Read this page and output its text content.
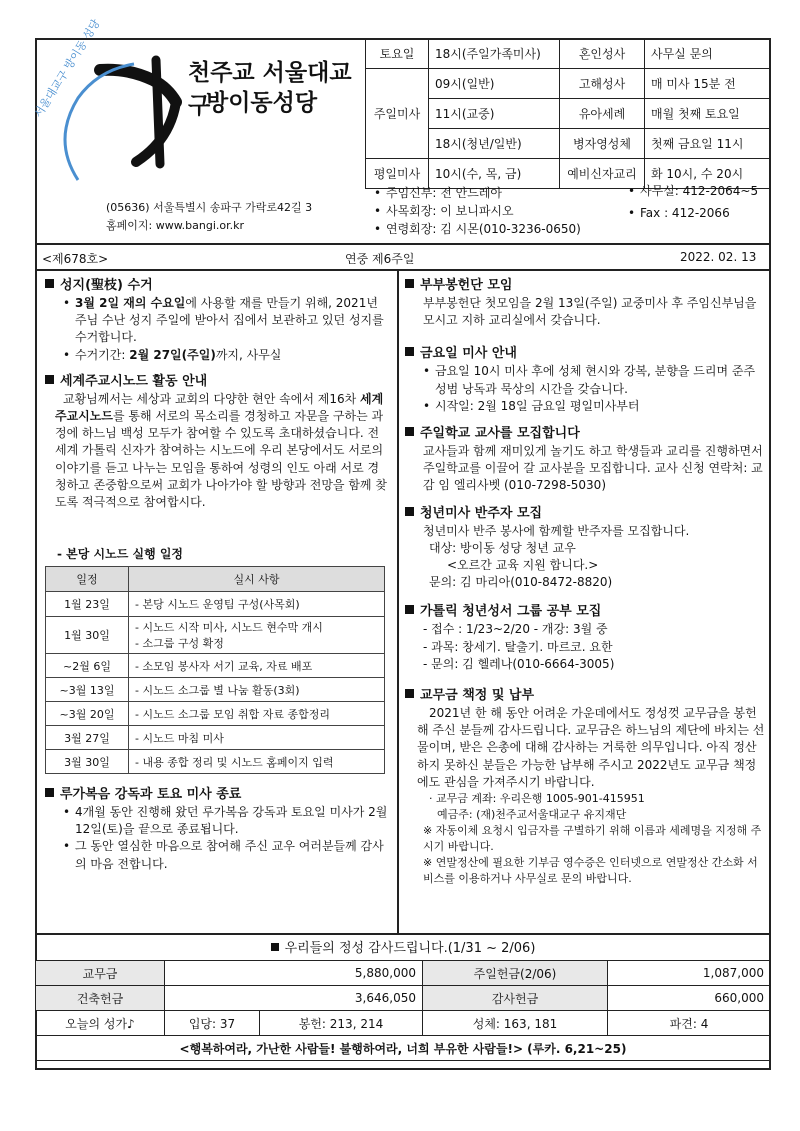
천주교 서울대교구
방이동성당
서울대교구 방이동 성당
(05636) 서울특별시 송파구 가락로42길 3
홈페이지: www.bangi.or.kr
토요일	18시(주일가족미사)	혼인성사	사무실 문의
주일미사	09시(일반)	고해성사	매 미사 15분 전
	11시(교중)	유아세례	매월 첫째 토요일
	18시(청년/일반)	병자영성체	첫째 금요일 11시
평일미사	10시(수, 목, 금)	예비신자교리	화 10시, 수 20시
• 주임신부: 전 안드레아
• 사목회장: 이 보니파시오
• 연령회장: 김 시몬(010-3236-0650)
• 사무실: 412-2064~5
• Fax : 412-2066
<제678호>	연중 제6주일	2022. 02. 13
성지(聖枝) 수거
• 3월 2일 재의 수요일에 사용할 재를 만들기 위해, 2021년 주님 수난 성지 주일에 받아서 집에서 보관하고 있던 성지를 수거합니다.
• 수거기간: 2월 27일(주일)까지, 사무실
세계주교시노드 활동 안내
교황님께서는 세상과 교회의 다양한 현안 속에서 제16차 세계주교시노드를 통해 서로의 목소리를 경청하고 자문을 구하는 과정에 하느님 백성 모두가 참여할 수 있도록 초대하셨습니다. 전세계 가톨릭 신자가 참여하는 시노드에 우리 본당에서도 서로의 이야기를 듣고 나누는 모임을 통하여 성령의 인도 아래 서로 경청하고 존중함으로써 교회가 나아가야 할 방향과 전망을 함께 찾도록 적극적으로 참여합시다.
- 본당 시노드 실행 일정
일정	실시 사항
1월 23일	- 본당 시노드 운영팀 구성(사목회)
1월 30일	- 시노드 시작 미사, 시노드 현수막 개시
- 소그룹 구성 확정

~2월 6일	- 소모임 봉사자 서기 교육, 자료 배포
~3월 13일	- 시노드 소그룹 별 나눔 활동(3회)
~3월 20일	- 시노드 소그룹 모임 취합 자료 종합정리
3월 27일	- 시노드 마침 미사
3월 30일	- 내용 종합 정리 및 시노드 홈페이지 입력
루가복음 강독과 토요 미사 종료
• 4개월 동안 진행해 왔던 루가복음 강독과 토요일 미사가 2월 12일(토)을 끝으로 종료됩니다.
• 그 동안 열심한 마음으로 참여해 주신 교우 여러분들께 감사의 마음 전합니다.
부부봉헌단 모임
부부봉헌단 첫모임을 2월 13일(주일) 교중미사 후 주임신부님을 모시고 지하 교리실에서 갖습니다.
금요일 미사 안내
• 금요일 10시 미사 후에 성체 현시와 강복, 분향을 드리며 준주성범 낭독과 묵상의 시간을 갖습니다.
• 시작일: 2월 18일 금요일 평일미사부터
주일학교 교사를 모집합니다
교사들과 함께 재미있게 놀기도 하고 학생들과 교리를 진행하면서 주일학교를 이끌어 갈 교사분을 모집합니다. 교사 신청 연락처: 교감 임 엘리사벳 (010-7298-5030)
청년미사 반주자 모집
청년미사 반주 봉사에 함께할 반주자를 모집합니다.
대상: 방이동 성당 청년 교우
<오르간 교육 지원 합니다.>
문의: 김 마리아(010-8472-8820)
가톨릭 청년성서 그룹 공부 모집
- 접수 : 1/23~2/20 - 개강: 3월 중
- 과목: 창세기. 탈출기. 마르코. 요한
- 문의: 김 헬레나(010-6664-3005)
교무금 책정 및 납부
2021년 한 해 동안 어려운 가운데에서도 정성껏 교무금을 봉헌해 주신 분들께 감사드립니다. 교무금은 하느님의 제단에 바치는 선물이며, 받은 은총에 대해 감사하는 거룩한 의무입니다. 아직 정산하지 못하신 분들은 가능한 납부해 주시고 2022년도 교무금 책정에도 관심을 가져주시기 바랍니다.
· 교무금 계좌: 우리은행 1005-901-415951
예금주: (재)천주교서울대교구 유지재단
※ 자동이체 요청시 입금자를 구별하기 위해 이름과 세례명을 지정해 주시기 바랍니다.
※ 연말정산에 필요한 기부금 영수증은 인터넷으로 연말정산 간소화 서비스를 이용하거나 사무실로 문의 바랍니다.
우리들의 정성 감사드립니다.(1/31 ~ 2/06)
교무금	5,880,000		주일헌금(2/06)	1,087,000
건축헌금	3,646,050		감사헌금	660,000
오늘의 성가♪	입당: 37	봉헌: 213, 214	성체: 163, 181	파견: 4
<행복하여라, 가난한 사람들! 불행하여라, 너희 부유한 사람들!> (루카. 6,21~25)				
